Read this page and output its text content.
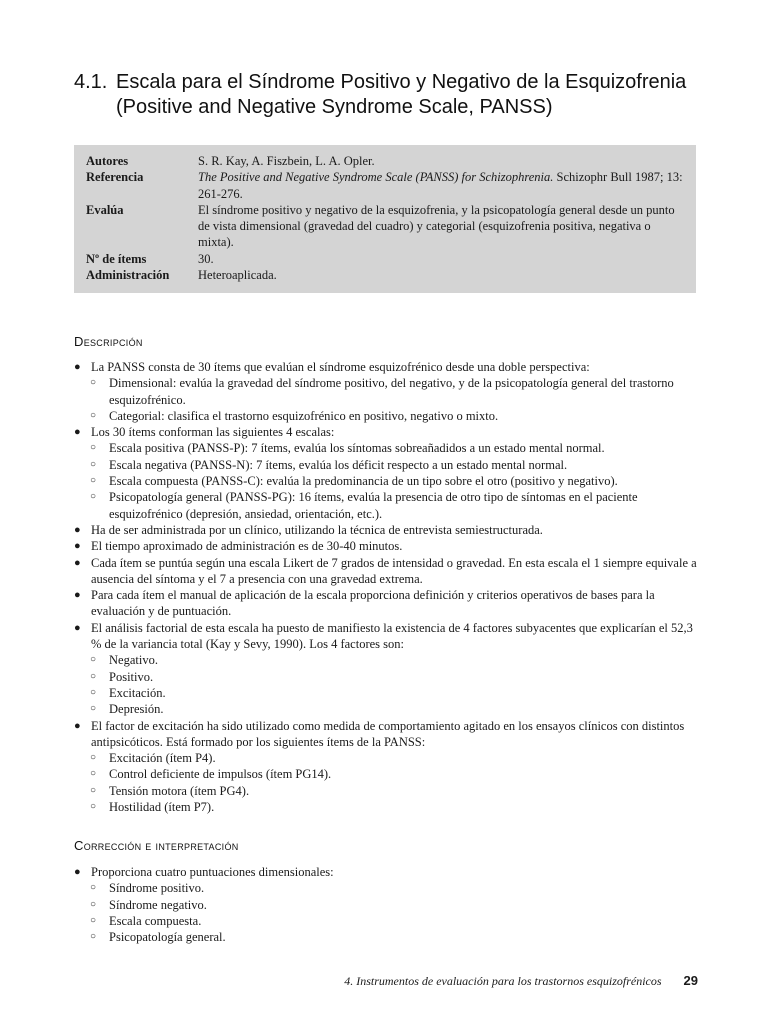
4.1. Escala para el Síndrome Positivo y Negativo de la Esquizofrenia
(Positive and Negative Syndrome Scale, PANSS)
Autores	S. R. Kay, A. Fiszbein, L. A. Opler.
Referencia	The Positive and Negative Syndrome Scale (PANSS) for Schizophrenia. Schizophr Bull 1987; 13: 261-276.
Evalúa	El síndrome positivo y negativo de la esquizofrenia, y la psicopatología general desde un punto de vista dimensional (gravedad del cuadro) y categorial (esquizofrenia positiva, negativa o mixta).
Nº de ítems	30.
Administración	Heteroaplicada.
Descripción
● La PANSS consta de 30 ítems que evalúan el síndrome esquizofrénico desde una doble perspectiva:
○	Dimensional: evalúa la gravedad del síndrome positivo, del negativo, y de la psicopatología general del trastorno esquizofrénico.
○	Categorial: clasifica el trastorno esquizofrénico en positivo, negativo o mixto.
● Los 30 ítems conforman las siguientes 4 escalas:
○	Escala positiva (PANSS-P): 7 ítems, evalúa los síntomas sobreañadidos a un estado mental normal.
○	Escala negativa (PANSS-N): 7 ítems, evalúa los déficit respecto a un estado mental normal.
○	Escala compuesta (PANSS-C): evalúa la predominancia de un tipo sobre el otro (positivo y negativo).
○	Psicopatología general (PANSS-PG): 16 ítems, evalúa la presencia de otro tipo de síntomas en el paciente esquizofrénico (depresión, ansiedad, orientación, etc.).
● Ha de ser administrada por un clínico, utilizando la técnica de entrevista semiestructurada.
● El tiempo aproximado de administración es de 30-40 minutos.
● Cada ítem se puntúa según una escala Likert de 7 grados de intensidad o gravedad. En esta escala el 1 siempre equivale a ausencia del síntoma y el 7 a presencia con una gravedad extrema.
● Para cada ítem el manual de aplicación de la escala proporciona definición y criterios operativos de bases para la evaluación y de puntuación.
● El análisis factorial de esta escala ha puesto de manifiesto la existencia de 4 factores subyacentes que explicarían el 52,3 % de la variancia total (Kay y Sevy, 1990). Los 4 factores son:
○	Negativo.
○	Positivo.
○	Excitación.
○	Depresión.
● El factor de excitación ha sido utilizado como medida de comportamiento agitado en los ensayos clínicos con distintos antipsicóticos. Está formado por los siguientes ítems de la PANSS:
○	Excitación (ítem P4).
○	Control deficiente de impulsos (ítem PG14).
○	Tensión motora (ítem PG4).
○	Hostilidad (ítem P7).
Corrección e interpretación
● Proporciona cuatro puntuaciones dimensionales:
○	Síndrome positivo.
○	Síndrome negativo.
○	Escala compuesta.
○	Psicopatología general.
4. Instrumentos de evaluación para los trastornos esquizofrénicos 29
